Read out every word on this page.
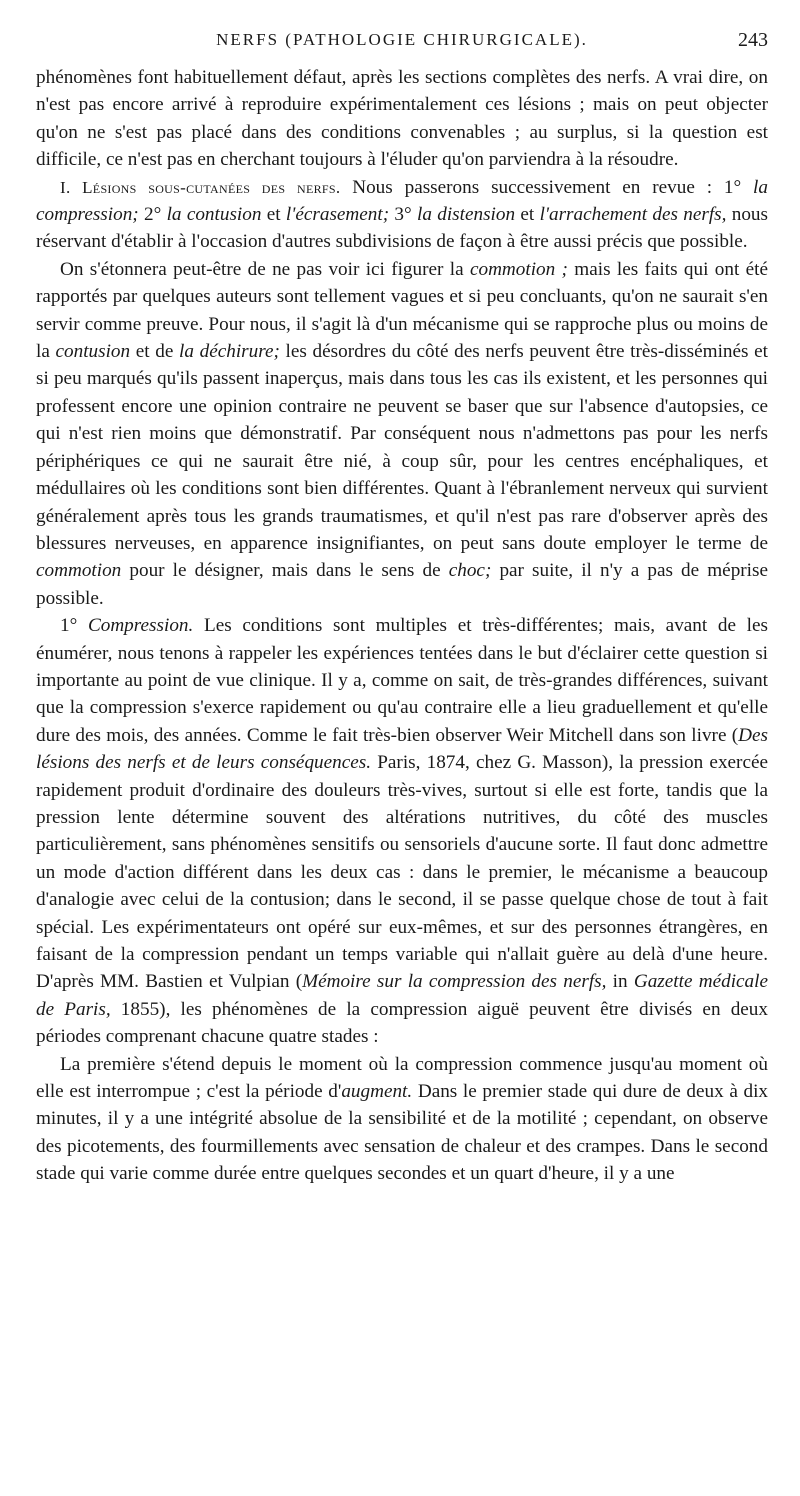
NERFS (PATHOLOGIE CHIRURGICALE).	243

phénomènes font habituellement défaut, après les sections complètes des nerfs. A vrai dire, on n'est pas encore arrivé à reproduire expérimentalement ces lésions ; mais on peut objecter qu'on ne s'est pas placé dans des conditions convenables ; au surplus, si la question est difficile, ce n'est pas en cherchant toujours à l'éluder qu'on parviendra à la résoudre.

I. Lésions sous-cutanées des nerfs. Nous passerons successivement en revue : 1° la compression; 2° la contusion et l'écrasement; 3° la distension et l'arrachement des nerfs, nous réservant d'établir à l'occasion d'autres subdivisions de façon à être aussi précis que possible.

On s'étonnera peut-être de ne pas voir ici figurer la commotion ; mais les faits qui ont été rapportés par quelques auteurs sont tellement vagues et si peu concluants, qu'on ne saurait s'en servir comme preuve. Pour nous, il s'agit là d'un mécanisme qui se rapproche plus ou moins de la contusion et de la déchirure; les désordres du côté des nerfs peuvent être très-disséminés et si peu marqués qu'ils passent inaperçus, mais dans tous les cas ils existent, et les personnes qui professent encore une opinion contraire ne peuvent se baser que sur l'absence d'autopsies, ce qui n'est rien moins que démonstratif. Par conséquent nous n'admettons pas pour les nerfs périphériques ce qui ne saurait être nié, à coup sûr, pour les centres encéphaliques, et médullaires où les conditions sont bien différentes. Quant à l'ébranlement nerveux qui survient généralement après tous les grands traumatismes, et qu'il n'est pas rare d'observer après des blessures nerveuses, en apparence insignifiantes, on peut sans doute employer le terme de commotion pour le désigner, mais dans le sens de choc; par suite, il n'y a pas de méprise possible.

1° Compression. Les conditions sont multiples et très-différentes; mais, avant de les énumérer, nous tenons à rappeler les expériences tentées dans le but d'éclairer cette question si importante au point de vue clinique. Il y a, comme on sait, de très-grandes différences, suivant que la compression s'exerce rapidement ou qu'au contraire elle a lieu graduellement et qu'elle dure des mois, des années. Comme le fait très-bien observer Weir Mitchell dans son livre (Des lésions des nerfs et de leurs conséquences. Paris, 1874, chez G. Masson), la pression exercée rapidement produit d'ordinaire des douleurs très-vives, surtout si elle est forte, tandis que la pression lente détermine souvent des altérations nutritives, du côté des muscles particulièrement, sans phénomènes sensitifs ou sensoriels d'aucune sorte. Il faut donc admettre un mode d'action différent dans les deux cas : dans le premier, le mécanisme a beaucoup d'analogie avec celui de la contusion; dans le second, il se passe quelque chose de tout à fait spécial. Les expérimentateurs ont opéré sur eux-mêmes, et sur des personnes étrangères, en faisant de la compression pendant un temps variable qui n'allait guère au delà d'une heure. D'après MM. Bastien et Vulpian (Mémoire sur la compression des nerfs, in Gazette médicale de Paris, 1855), les phénomènes de la compression aiguë peuvent être divisés en deux périodes comprenant chacune quatre stades :

La première s'étend depuis le moment où la compression commence jusqu'au moment où elle est interrompue ; c'est la période d'augment. Dans le premier stade qui dure de deux à dix minutes, il y a une intégrité absolue de la sensibilité et de la motilité ; cependant, on observe des picotements, des fourmillements avec sensation de chaleur et des crampes. Dans le second stade qui varie comme durée entre quelques secondes et un quart d'heure, il y a une
